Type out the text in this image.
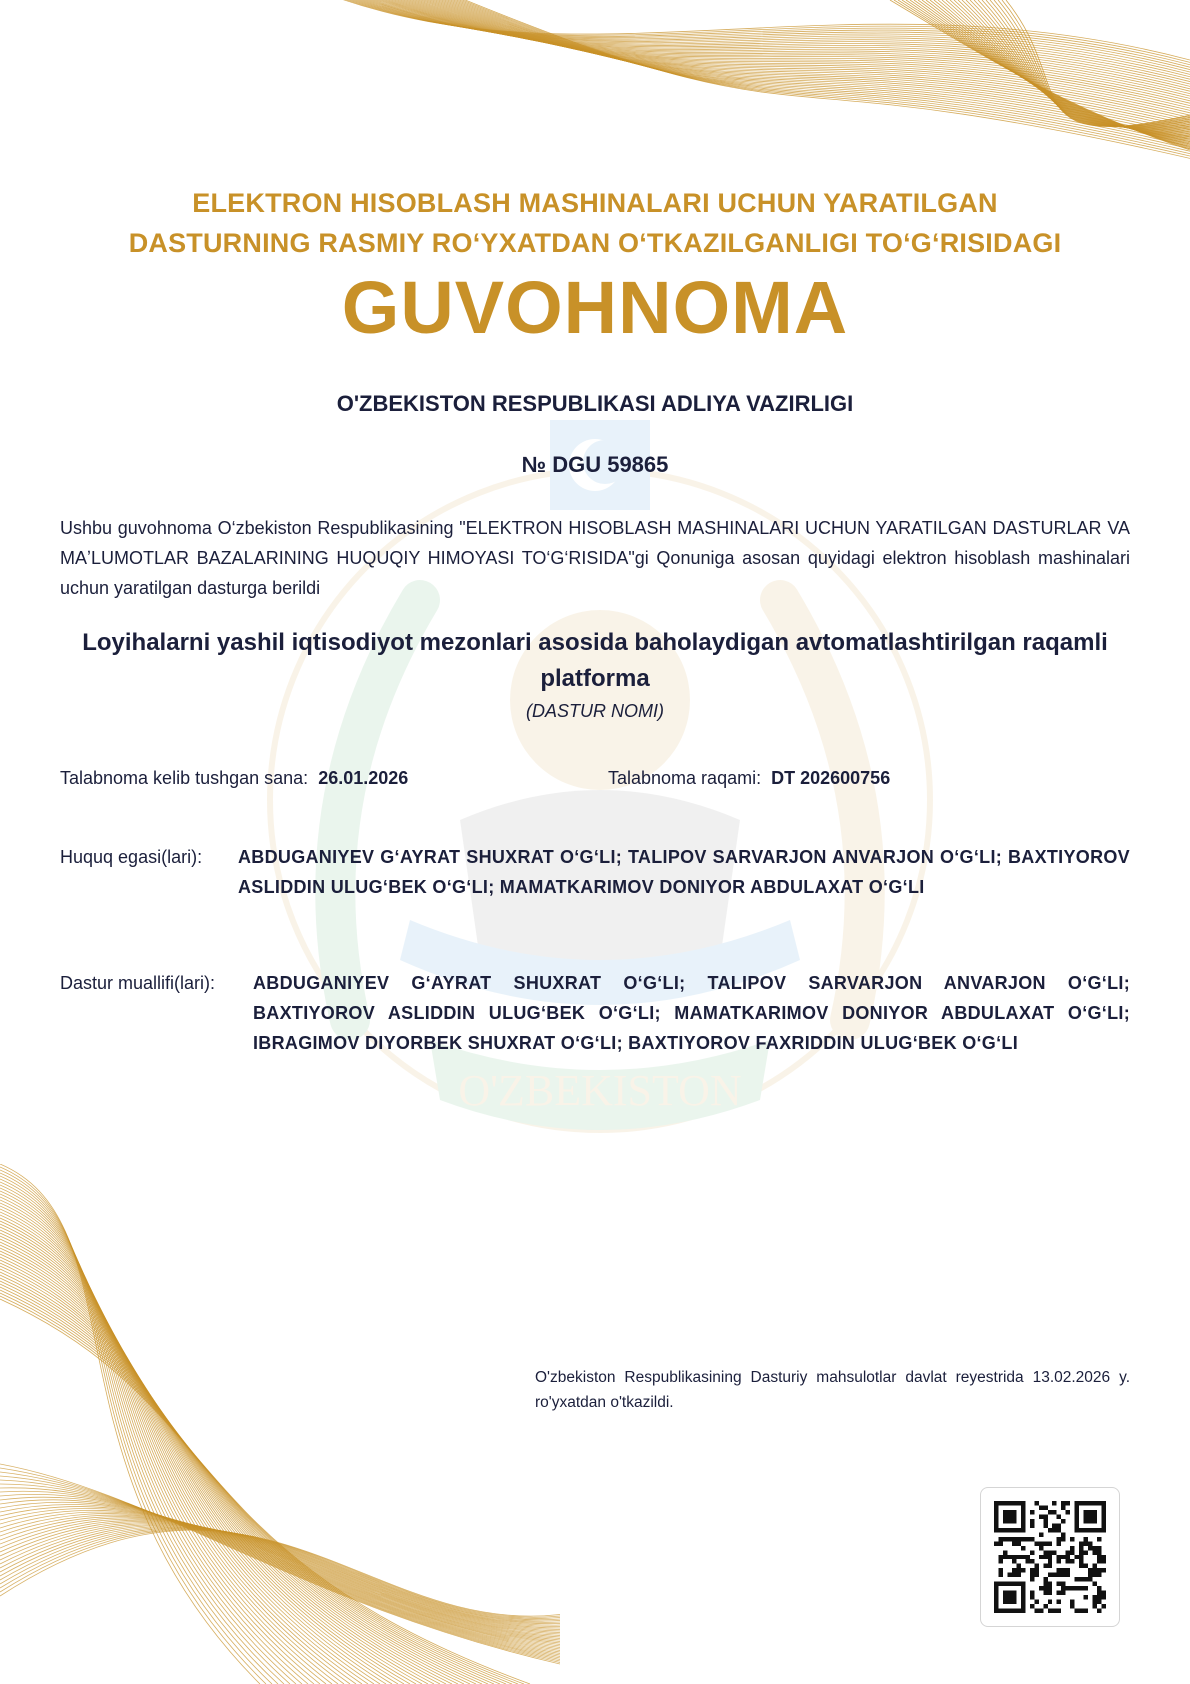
O'ZBEKISTON
ELEKTRON HISOBLASH MASHINALARI UCHUN YARATILGAN
DASTURNING RASMIY RO‘YXATDAN O‘TKAZILGANLIGI TO‘G‘RISIDAGI
GUVOHNOMA
O'ZBEKISTON RESPUBLIKASI ADLIYA VAZIRLIGI
№ DGU 59865
Ushbu guvohnoma O‘zbekiston Respublikasining "ELEKTRON HISOBLASH MASHINALARI UCHUN YARATILGAN DASTURLAR VA MAʼLUMOTLAR BAZALARINING HUQUQIY HIMOYASI TO‘G‘RISIDA"gi Qonuniga asosan quyidagi elektron hisoblash mashinalari uchun yaratilgan dasturga berildi
Loyihalarni yashil iqtisodiyot mezonlari asosida baholaydigan avtomatlashtirilgan raqamli platforma
(DASTUR NOMI)
Talabnoma kelib tushgan sana: 26.01.2026	Talabnoma raqami: DT 202600756
Huquq egasi(lari): ABDUGANIYEV G‘AYRAT SHUXRAT O‘G‘LI; TALIPOV SARVARJON ANVARJON O‘G‘LI; BAXTIYOROV ASLIDDIN ULUG‘BEK O‘G‘LI; MAMATKARIMOV DONIYOR ABDULAXAT O‘G‘LI
Dastur muallifi(lari): ABDUGANIYEV G‘AYRAT SHUXRAT O‘G‘LI; TALIPOV SARVARJON ANVARJON O‘G‘LI; BAXTIYOROV ASLIDDIN ULUG‘BEK O‘G‘LI; MAMATKARIMOV DONIYOR ABDULAXAT O‘G‘LI; IBRAGIMOV DIYORBEK SHUXRAT O‘G‘LI; BAXTIYOROV FAXRIDDIN ULUG‘BEK O‘G‘LI
O'zbekiston Respublikasining Dasturiy mahsulotlar davlat reyestrida 13.02.2026 y. ro'yxatdan o'tkazildi.
